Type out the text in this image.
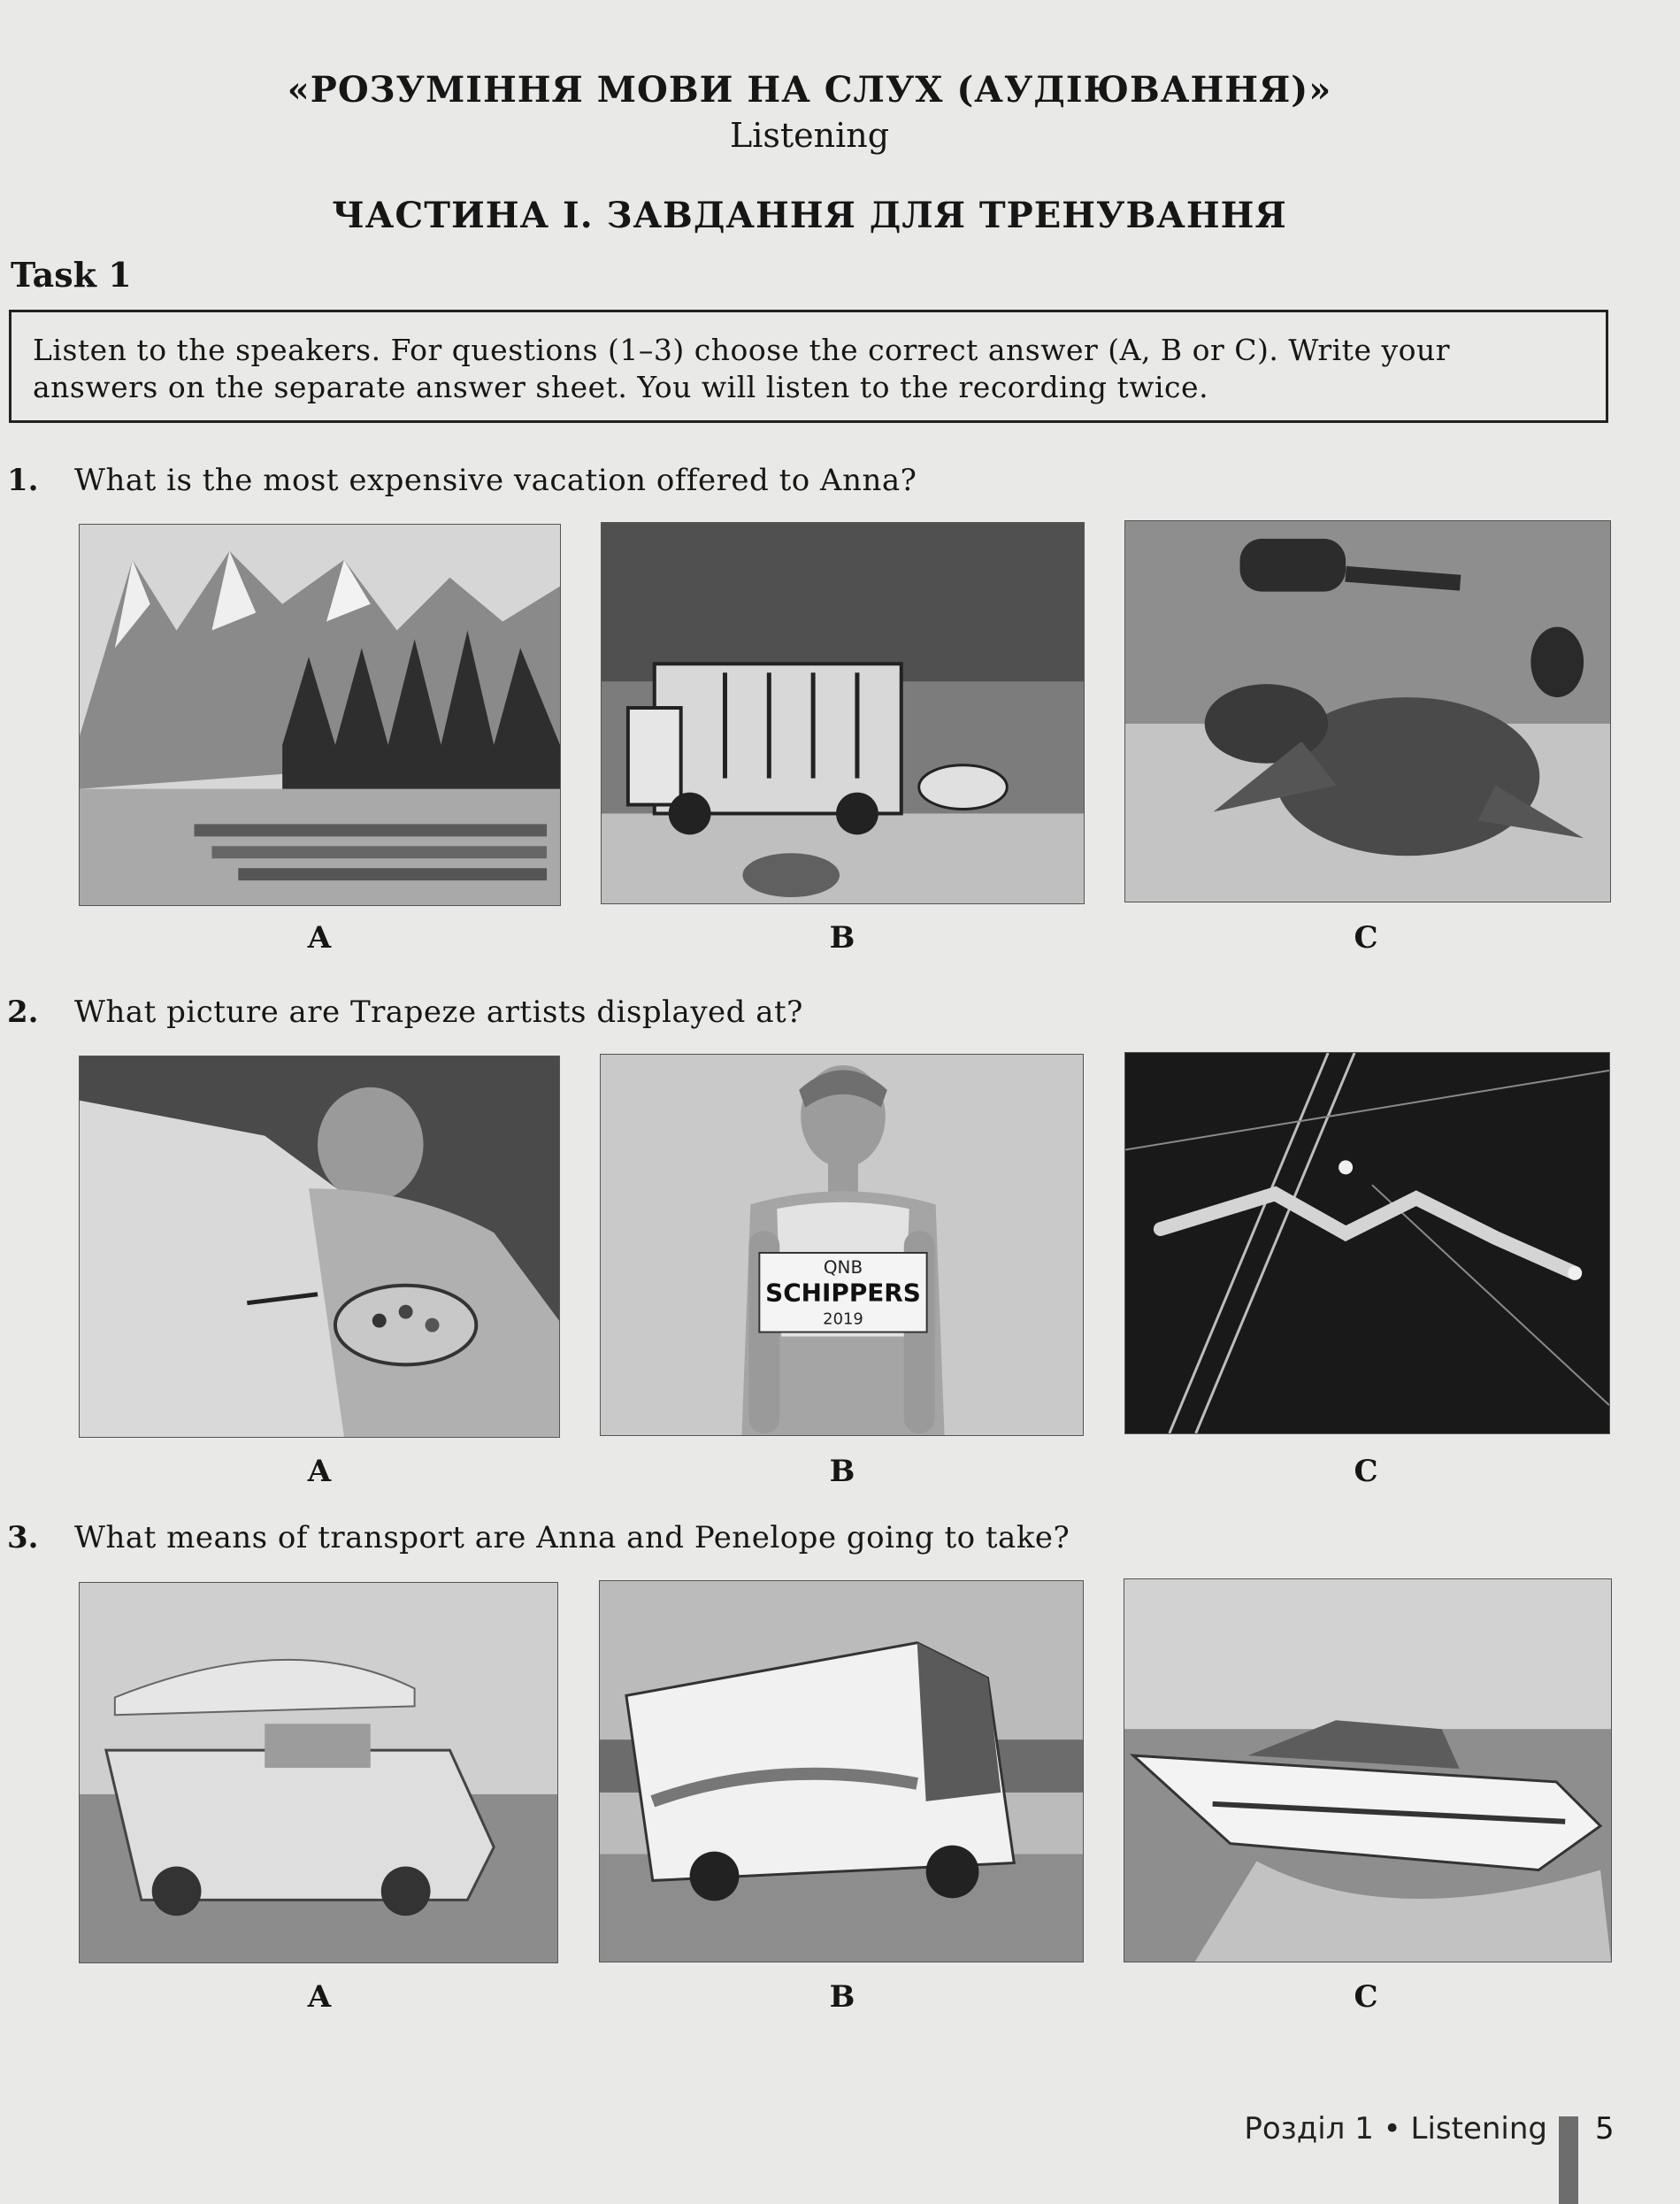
«РОЗУМІННЯ МОВИ НА СЛУХ (АУДІЮВАННЯ)»
Listening
ЧАСТИНА І. ЗАВДАННЯ ДЛЯ ТРЕНУВАННЯ
Task 1
Listen to the speakers. For questions (1–3) choose the correct answer (A, B or C). Write your
answers on the separate answer sheet. You will listen to the recording twice.
1. What is the most expensive vacation offered to Anna?
A	B	C
2. What picture are Trapeze artists displayed at?
QNB
SCHIPPERS
2019
A	B	C
3. What means of transport are Anna and Penelope going to take?
A	B	C
Розділ 1 • Listening 5
